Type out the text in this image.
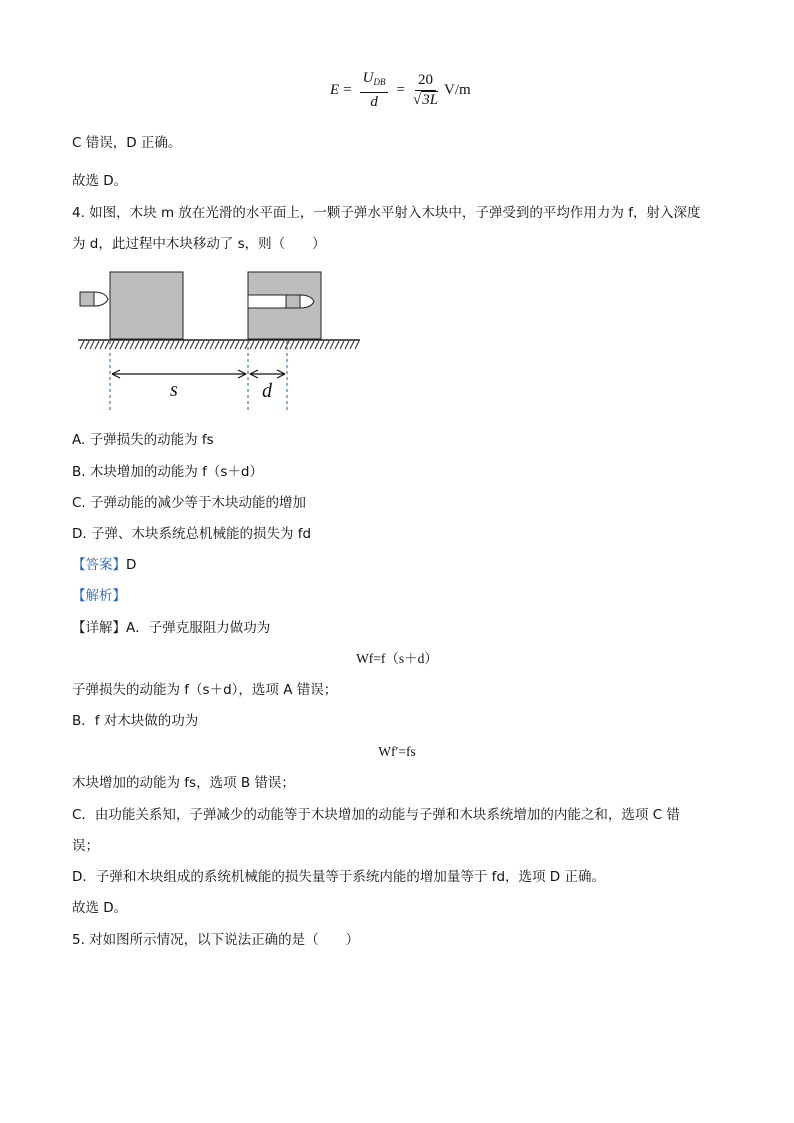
$E = \frac{U_{DB}}{d} = \frac{20}{√3L} V/m$
C 错误，D 正确。
故选 D。
4. 如图，木块 m 放在光滑的水平面上，一颗子弹水平射入木块中，子弹受到的平均作用力为 f，射入深度
为 d，此过程中木块移动了 s，则（　　）
s	d
A. 子弹损失的动能为 fs
B. 木块增加的动能为 f（s＋d）
C. 子弹动能的减少等于木块动能的增加
D. 子弹、木块系统总机械能的损失为 fd
【答案】D
【解析】
【详解】A．子弹克服阻力做功为
Wf=f（s＋d）
子弹损失的动能为 f（s＋d），选项 A 错误；
B．f 对木块做的功为
Wf′=fs
木块增加的动能为 fs，选项 B 错误；
C．由功能关系知，子弹减少的动能等于木块增加的动能与子弹和木块系统增加的内能之和，选项 C 错
误；
D．子弹和木块组成的系统机械能的损失量等于系统内能的增加量等于 fd，选项 D 正确。
故选 D。
5. 对如图所示情况，以下说法正确的是（　　）
